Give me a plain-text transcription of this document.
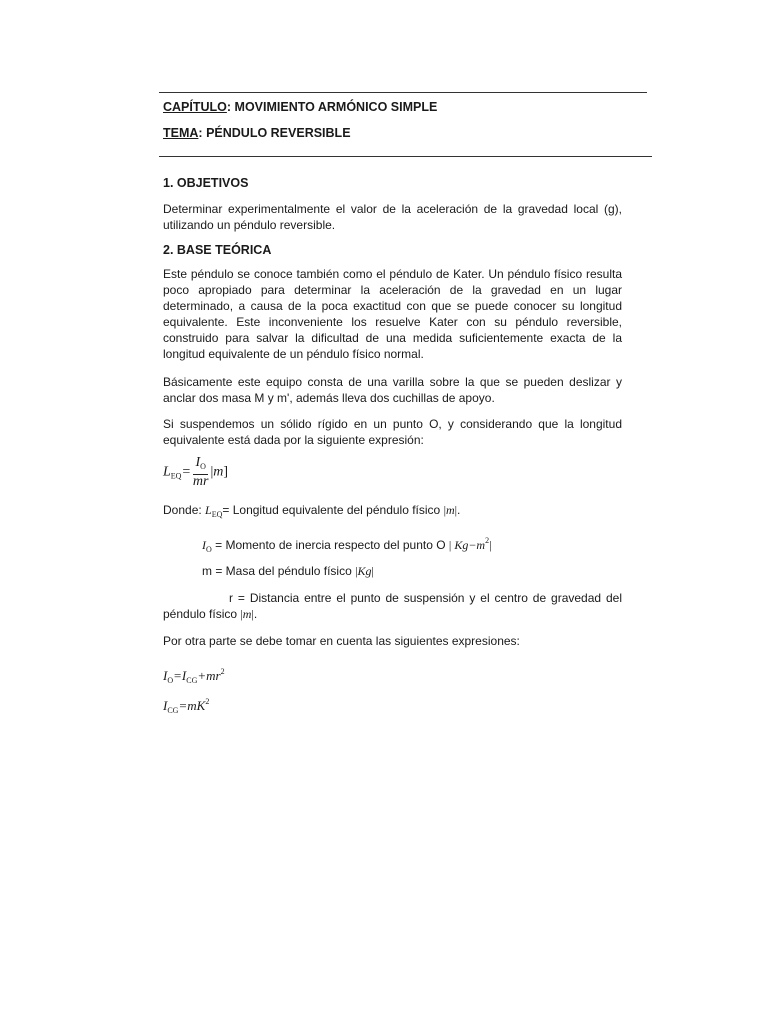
CAPÍTULO: MOVIMIENTO ARMÓNICO SIMPLE
TEMA: PÉNDULO REVERSIBLE
1. OBJETIVOS
Determinar experimentalmente el valor de la aceleración de la gravedad local (g), utilizando un péndulo reversible.
2. BASE TEÓRICA
Este péndulo se conoce también como el péndulo de Kater. Un péndulo físico resulta poco apropiado para determinar la aceleración de la gravedad en un lugar determinado, a causa de la poca exactitud con que se puede conocer su longitud equivalente. Este inconveniente los resuelve Kater con su péndulo reversible, construido para salvar la dificultad de una medida suficientemente exacta de la longitud equivalente de un péndulo físico normal.
Básicamente este equipo consta de una varilla sobre la que se pueden deslizar y anclar dos masa M y m', además lleva dos cuchillas de apoyo.
Si suspendemos un sólido rígido en un punto O, y considerando que la longitud equivalente está dada por la siguiente expresión:
$L_{EQ}= \frac{I_O}{mr} |m$]
Donde: $L_{EQ}=$ Longitud equivalente del péndulo físico |m|.
$I_O$ = Momento de inercia respecto del punto O | $Kg-m^2|$
m = Masa del péndulo físico |Kg|
r = Distancia entre el punto de suspensión y el centro de gravedad del péndulo físico |m|.
Por otra parte se debe tomar en cuenta las siguientes expresiones:
$I_O=I_{CG}+mr^2$
$I_{CG}=mK^2$
